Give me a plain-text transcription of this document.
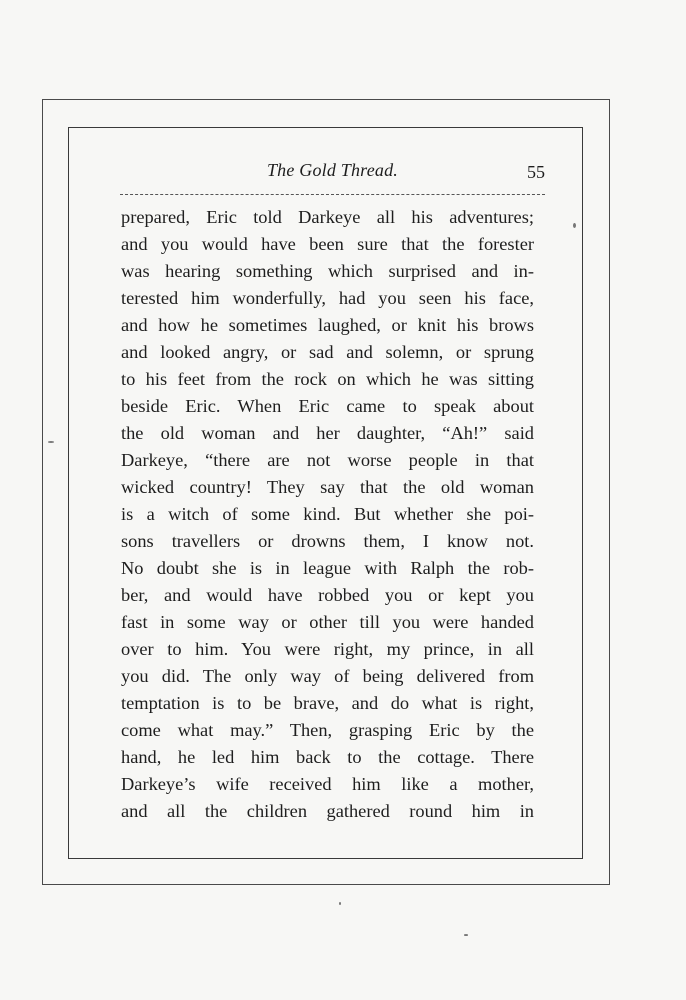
The Gold Thread.	55
prepared, Eric told Darkeye all his adventures;
and you would have been sure that the forester
was hearing something which surprised and in-
terested him wonderfully, had you seen his face,
and how he sometimes laughed, or knit his brows
and looked angry, or sad and solemn, or sprung
to his feet from the rock on which he was sitting
beside Eric. When Eric came to speak about
the old woman and her daughter, “Ah!” said
Darkeye, “there are not worse people in that
wicked country! They say that the old woman
is a witch of some kind. But whether she poi-
sons travellers or drowns them, I know not.
No doubt she is in league with Ralph the rob-
ber, and would have robbed you or kept you
fast in some way or other till you were handed
over to him. You were right, my prince, in all
you did. The only way of being delivered from
temptation is to be brave, and do what is right,
come what may.” Then, grasping Eric by the
hand, he led him back to the cottage. There
Darkeye’s wife received him like a mother,
and all the children gathered round him in
